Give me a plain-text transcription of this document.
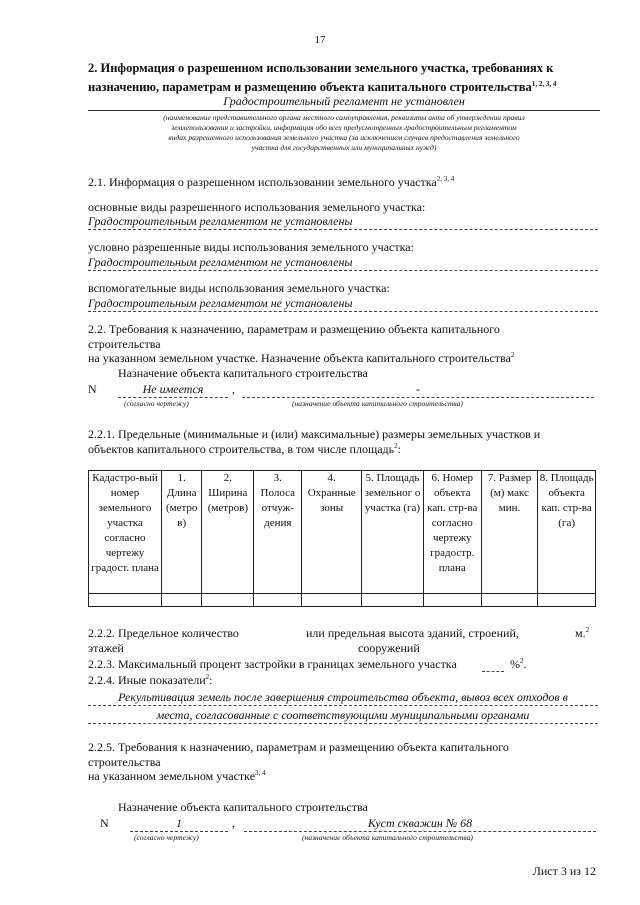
17
2. Информация о разрешенном использовании земельного участка, требованиях к
назначению, параметрам и размещению объекта капитального строительства$^{1, 2, 3, 4}$
Градостроительный регламент не установлен
(наименование представительного органа местного самоуправления, реквизиты акта об утверждении правил
землепользования и застройки, информация обо всех предусмотренных градостроительным регламентом
видах разрешенного использования земельного участка (за исключением случаев предоставления земельного
участка для государственных или муниципальных нужд)
2.1. Информация о разрешенном использовании земельного участка$^{2, 3, 4}$
основные виды разрешенного использования земельного участка:
Градостроительным регламентом не установлены
условно разрешенные виды использования земельного участка:
Градостроительным регламентом не установлены
вспомогательные виды использования земельного участка:
Градостроительным регламентом не установлены
2.2. Требования к назначению, параметрам и размещению объекта капитального
строительства
на указанном земельном участке. Назначение объекта капитального строительства$^2$
Назначение объекта капитального строительства
N	Не имеется	,	-
(согласно чертежу)	(назначение объекта капитального строительства)
2.2.1. Предельные (минимальные и (или) максимальные) размеры земельных участков и
объектов капитального строительства, в том числе площадь$^2$:
Кадастро-вый номер земельного участка согласно чертежу градост. плана	1. Длина (метро в)	2. Ширина (метров)	3. Полоса отчуж-дения	4. Охранные зоны	5. Площадь земельног о участка (га)	6. Номер объекта кап. стр-ва согласно чертежу градостр. плана	7. Размер (м) макс мин.	8. Площадь объекта кап. стр-ва (га)

2.2.2. Предельное количество	или предельная высота зданий, строений,	м.$^2$
этажей	сооружений
2.2.3. Максимальный процент застройки в границах земельного участка	%$^2$.
2.2.4. Иные показатели$^2$:
Рекультивация земель после завершения строительства объекта, вывоз всех отходов в
места, согласованные с соответствующими муниципальными органами
2.2.5. Требования к назначению, параметрам и размещению объекта капитального
строительства
на указанном земельном участке$^{3, 4}$
Назначение объекта капитального строительства
N	1	,	Куст скважин № 68
(согласно чертежу)	(назначение объекта капитального строительства)
Лист 3 из 12
